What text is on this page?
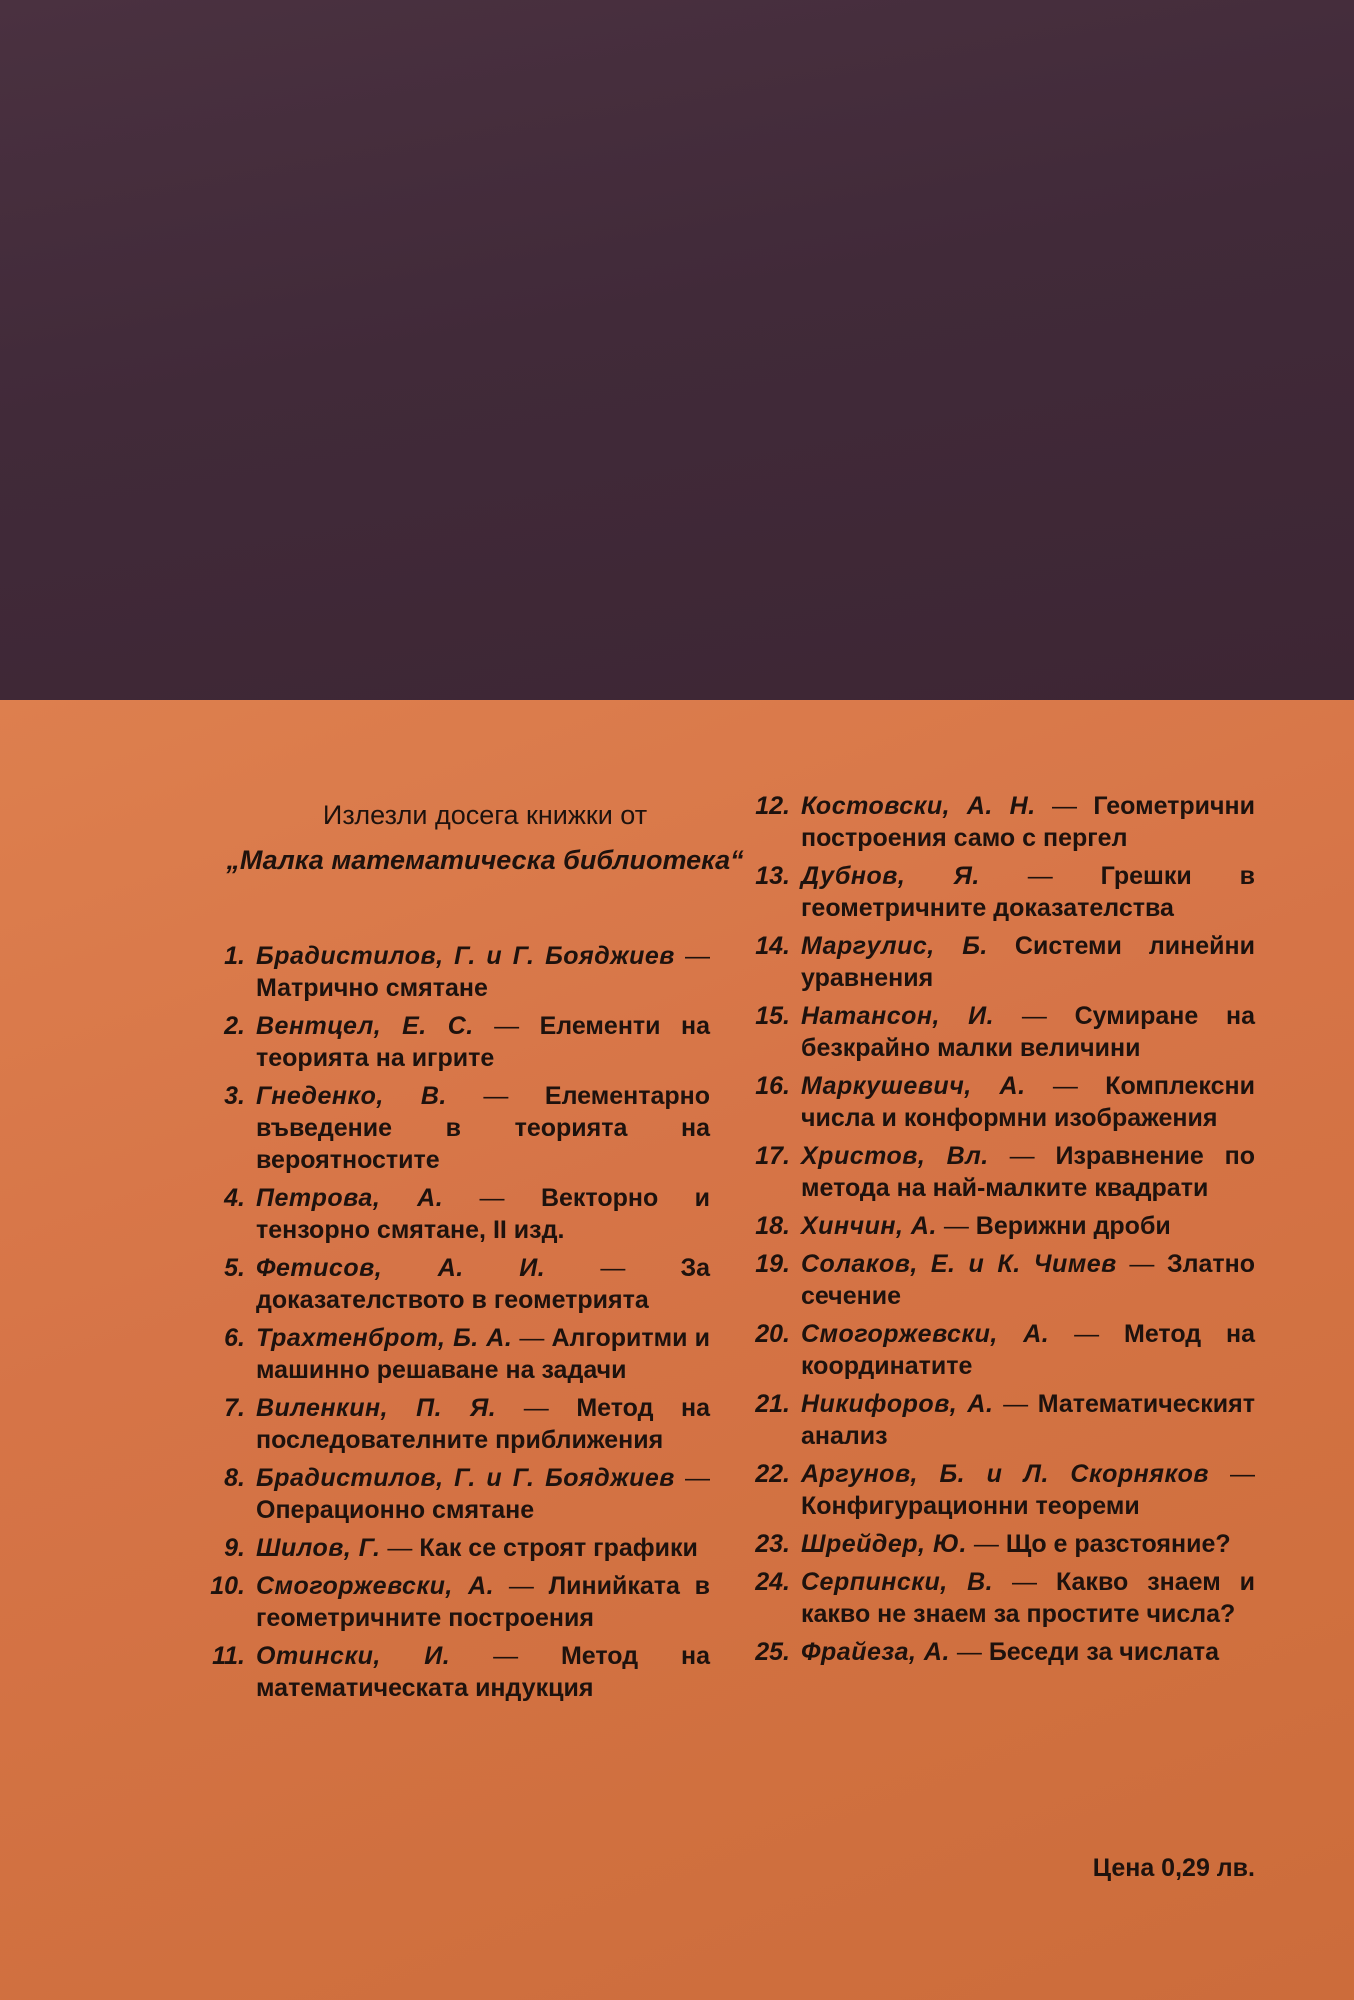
Излезли досега книжки от
„Малка математическа библиотека“
1. Брадистилов, Г. и Г. Бояджиев — Матрично смятане
2. Вентцел, Е. С. — Елементи на теорията на игрите
3. Гнеденко, В. — Елементарно въведение в теорията на вероятностите
4. Петрова, А. — Векторно и тензорно смятане, II изд.
5. Фетисов, А. И. — За доказателството в геометрията
6. Трахтенброт, Б. А. — Алгоритми и машинно решаване на задачи
7. Виленкин, П. Я. — Метод на последователните приближения
8. Брадистилов, Г. и Г. Бояджиев — Операционно смятане
9. Шилов, Г. — Как се строят графики
10. Смогоржевски, А. — Линийката в геометричните построения
11. Omински, И. — Метод на математическата индукция
12. Костовски, А. Н. — Геометрични построения само с пергел
13. Дубнов, Я. — Грешки в геометричните доказателства
14. Маргулис, Б. Системи линейни уравнения
15. Натансон, И. — Сумиране на безкрайно малки величини
16. Маркушевич, А. — Комплексни числа и конформни изображения
17. Христов, Вл. — Изравнение по метода на най-малките квадрати
18. Хинчин, А. — Верижни дроби
19. Солаков, Е. и К. Чимев — Златно сечение
20. Смогоржевски, А. — Метод на координатите
21. Никифоров, А. — Математическият анализ
22. Аргунов, Б. и Л. Скорняков — Конфигурационни теореми
23. Шрейдер, Ю. — Що е разстояние?
24. Серпински, В. — Какво знаем и какво не знаем за простите числа?
25. Фрайеза, А. — Беседи за числата
Цена 0,29 лв.
